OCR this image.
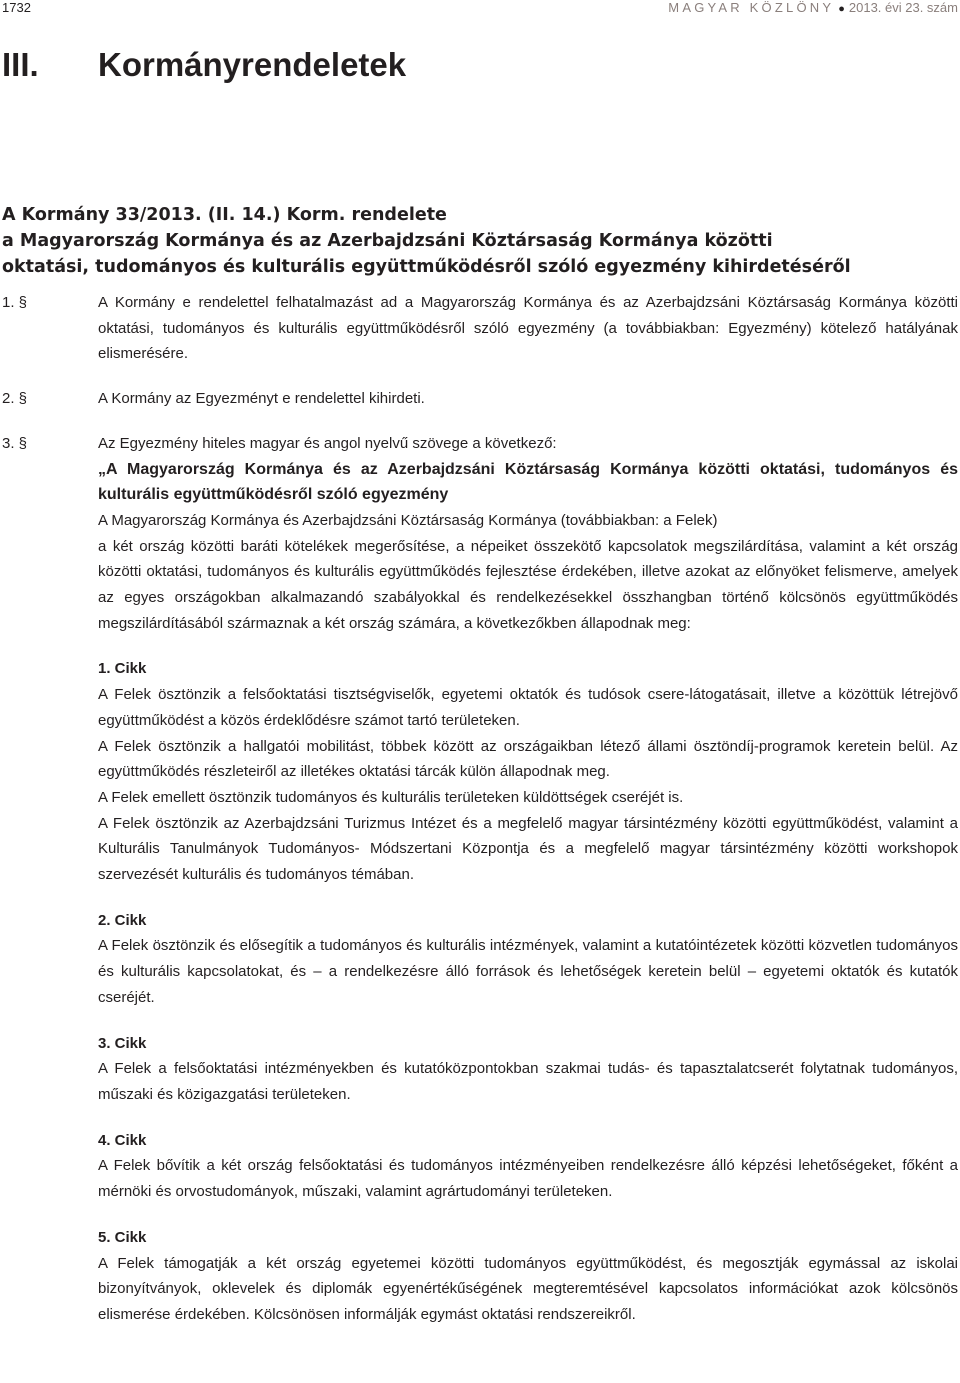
1732	MAGYAR KÖZLÖNY ● 2013. évi 23. szám
III. Kormányrendeletek
A Kormány 33/2013. (II. 14.) Korm. rendelete
a Magyarország Kormánya és az Azerbajdzsáni Köztársaság Kormánya közötti
oktatási, tudományos és kulturális együttműködésről szóló egyezmény kihirdetéséről
1. §	A Kormány e rendelettel felhatalmazást ad a Magyarország Kormánya és az Azerbajdzsáni Köztársaság Kormánya közötti oktatási, tudományos és kulturális együttműködésről szóló egyezmény (a továbbiakban: Egyezmény) kötelező hatályának elismerésére.
2. §	A Kormány az Egyezményt e rendelettel kihirdeti.
3. §	Az Egyezmény hiteles magyar és angol nyelvű szövege a következő:

„A Magyarország Kormánya és az Azerbajdzsáni Köztársaság Kormánya közötti oktatási, tudományos és kulturális együttműködésről szóló egyezmény

A Magyarország Kormánya és Azerbajdzsáni Köztársaság Kormánya (továbbiakban: a Felek)

a két ország közötti baráti kötelékek megerősítése, a népeiket összekötő kapcsolatok megszilárdítása, valamint a két ország közötti oktatási, tudományos és kulturális együttműködés fejlesztése érdekében, illetve azokat az előnyöket felismerve, amelyek az egyes országokban alkalmazandó szabályokkal és rendelkezésekkel összhangban történő kölcsönös együttműködés megszilárdításából származnak a két ország számára, a következőkben állapodnak meg:

1. Cikk

A Felek ösztönzik a felsőoktatási tisztségviselők, egyetemi oktatók és tudósok csere-látogatásait, illetve a közöttük létrejövő együttműködést a közös érdeklődésre számot tartó területeken.

A Felek ösztönzik a hallgatói mobilitást, többek között az országaikban létező állami ösztöndíj-programok keretein belül. Az együttműködés részleteiről az illetékes oktatási tárcák külön állapodnak meg.

A Felek emellett ösztönzik tudományos és kulturális területeken küldöttségek cseréjét is.

A Felek ösztönzik az Azerbajdzsáni Turizmus Intézet és a megfelelő magyar társintézmény közötti együttműködést, valamint a Kulturális Tanulmányok Tudományos- Módszertani Központja és a megfelelő magyar társintézmény közötti workshopok szervezését kulturális és tudományos témában.

2. Cikk

A Felek ösztönzik és elősegítik a tudományos és kulturális intézmények, valamint a kutatóintézetek közötti közvetlen tudományos és kulturális kapcsolatokat, és – a rendelkezésre álló források és lehetőségek keretein belül – egyetemi oktatók és kutatók cseréjét.

3. Cikk

A Felek a felsőoktatási intézményekben és kutatóközpontokban szakmai tudás- és tapasztalatcserét folytatnak tudományos, műszaki és közigazgatási területeken.

4. Cikk

A Felek bővítik a két ország felsőoktatási és tudományos intézményeiben rendelkezésre álló képzési lehetőségeket, főként a mérnöki és orvostudományok, műszaki, valamint agrártudományi területeken.

5. Cikk

A Felek támogatják a két ország egyetemei közötti tudományos együttműködést, és megosztják egymással az iskolai bizonyítványok, oklevelek és diplomák egyenértékűségének megteremtésével kapcsolatos információkat azok kölcsönös elismerése érdekében. Kölcsönösen informálják egymást oktatási rendszereikről.
